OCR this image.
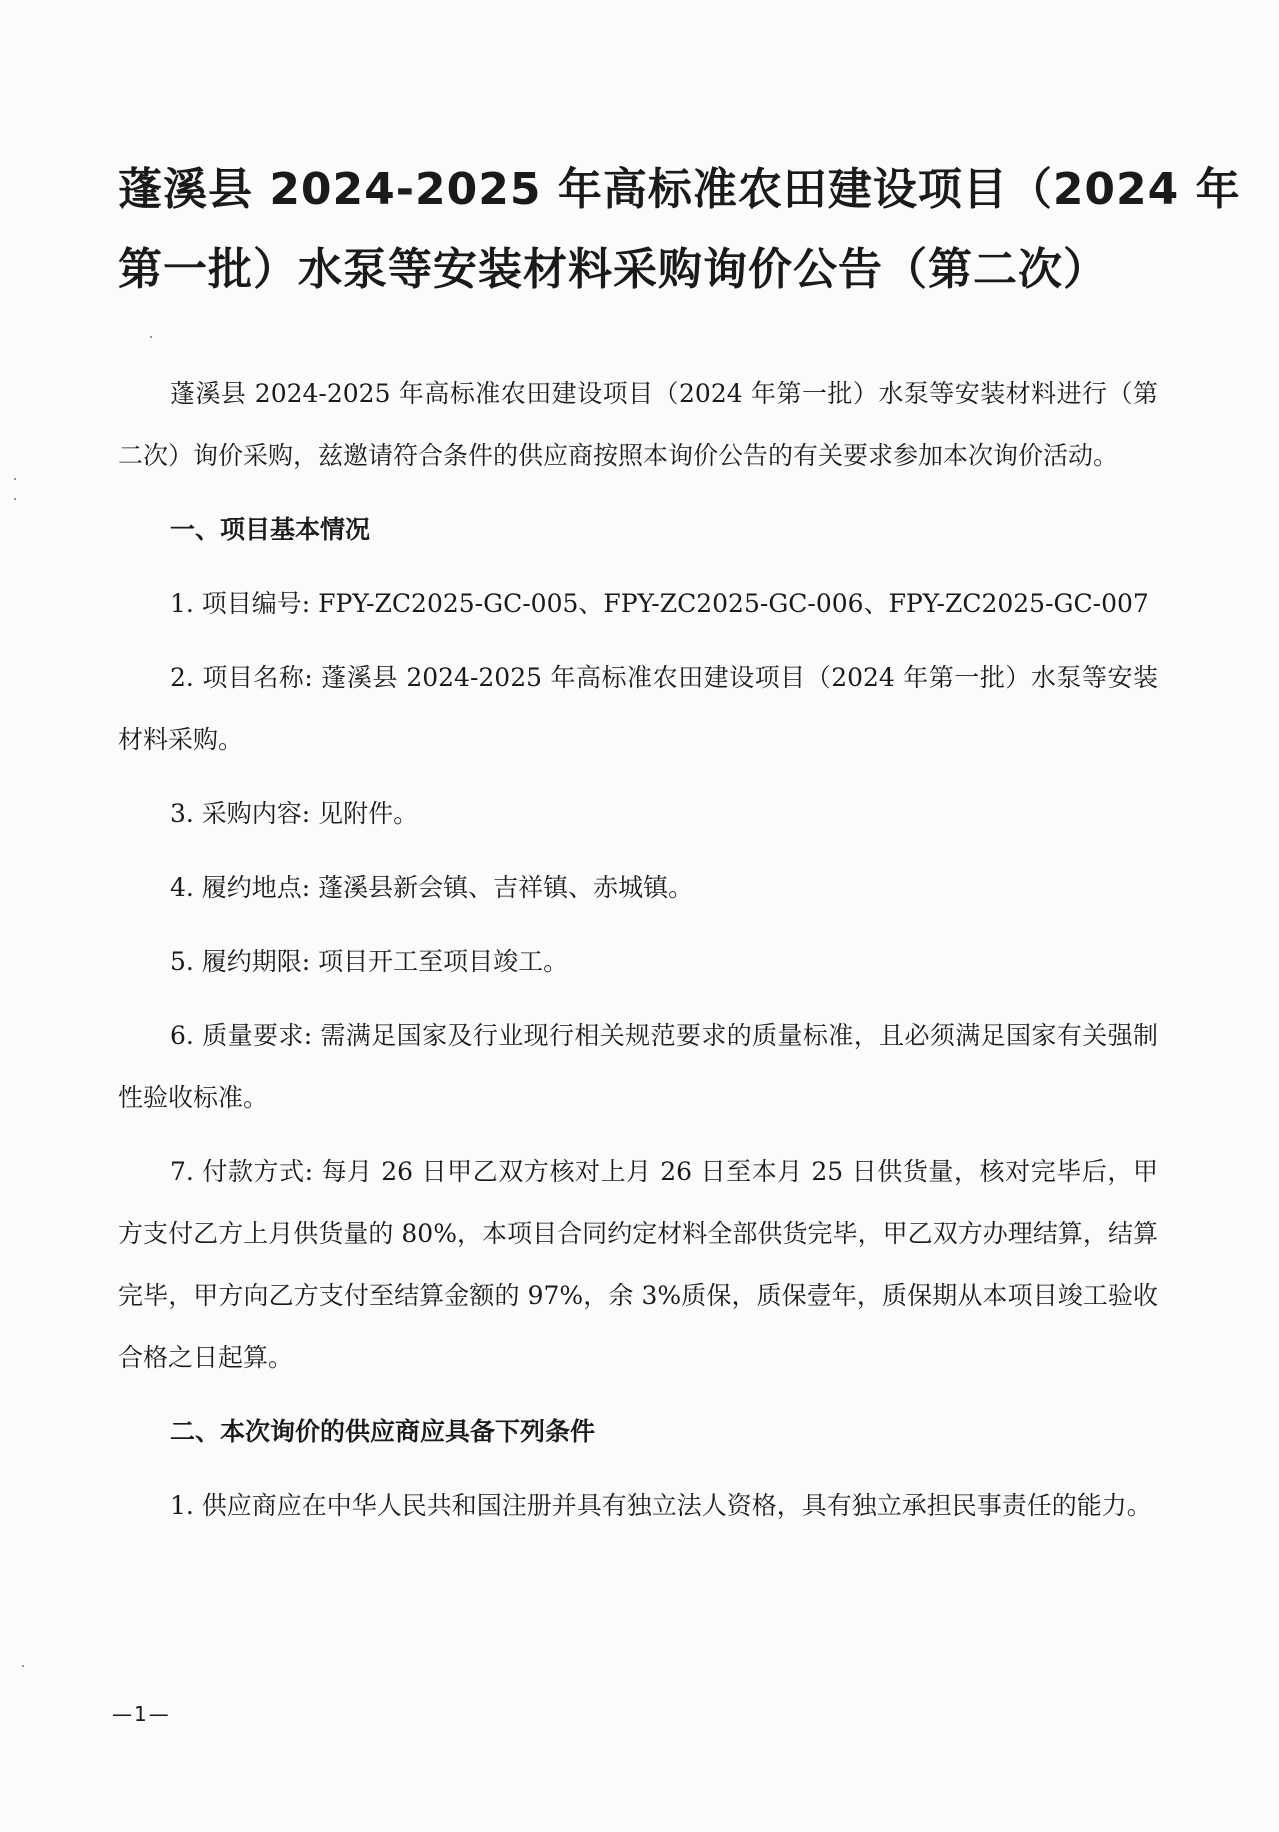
蓬溪县 2024-2025 年高标准农田建设项目（2024 年
第一批）水泵等安装材料采购询价公告（第二次）

蓬溪县 2024-2025 年高标准农田建设项目（2024 年第一批）水泵等安装材料进行（第二次）询价采购，兹邀请符合条件的供应商按照本询价公告的有关要求参加本次询价活动。

一、项目基本情况

1. 项目编号: FPY-ZC2025-GC-005、FPY-ZC2025-GC-006、FPY-ZC2025-GC-007

2. 项目名称: 蓬溪县 2024-2025 年高标准农田建设项目（2024 年第一批）水泵等安装材料采购。

3. 采购内容: 见附件。

4. 履约地点: 蓬溪县新会镇、吉祥镇、赤城镇。

5. 履约期限: 项目开工至项目竣工。

6. 质量要求: 需满足国家及行业现行相关规范要求的质量标准，且必须满足国家有关强制性验收标准。

7. 付款方式: 每月 26 日甲乙双方核对上月 26 日至本月 25 日供货量，核对完毕后，甲方支付乙方上月供货量的 80%，本项目合同约定材料全部供货完毕，甲乙双方办理结算，结算完毕，甲方向乙方支付至结算金额的 97%，余 3%质保，质保壹年，质保期从本项目竣工验收合格之日起算。

二、本次询价的供应商应具备下列条件

1. 供应商应在中华人民共和国注册并具有独立法人资格，具有独立承担民事责任的能力。

—1—
